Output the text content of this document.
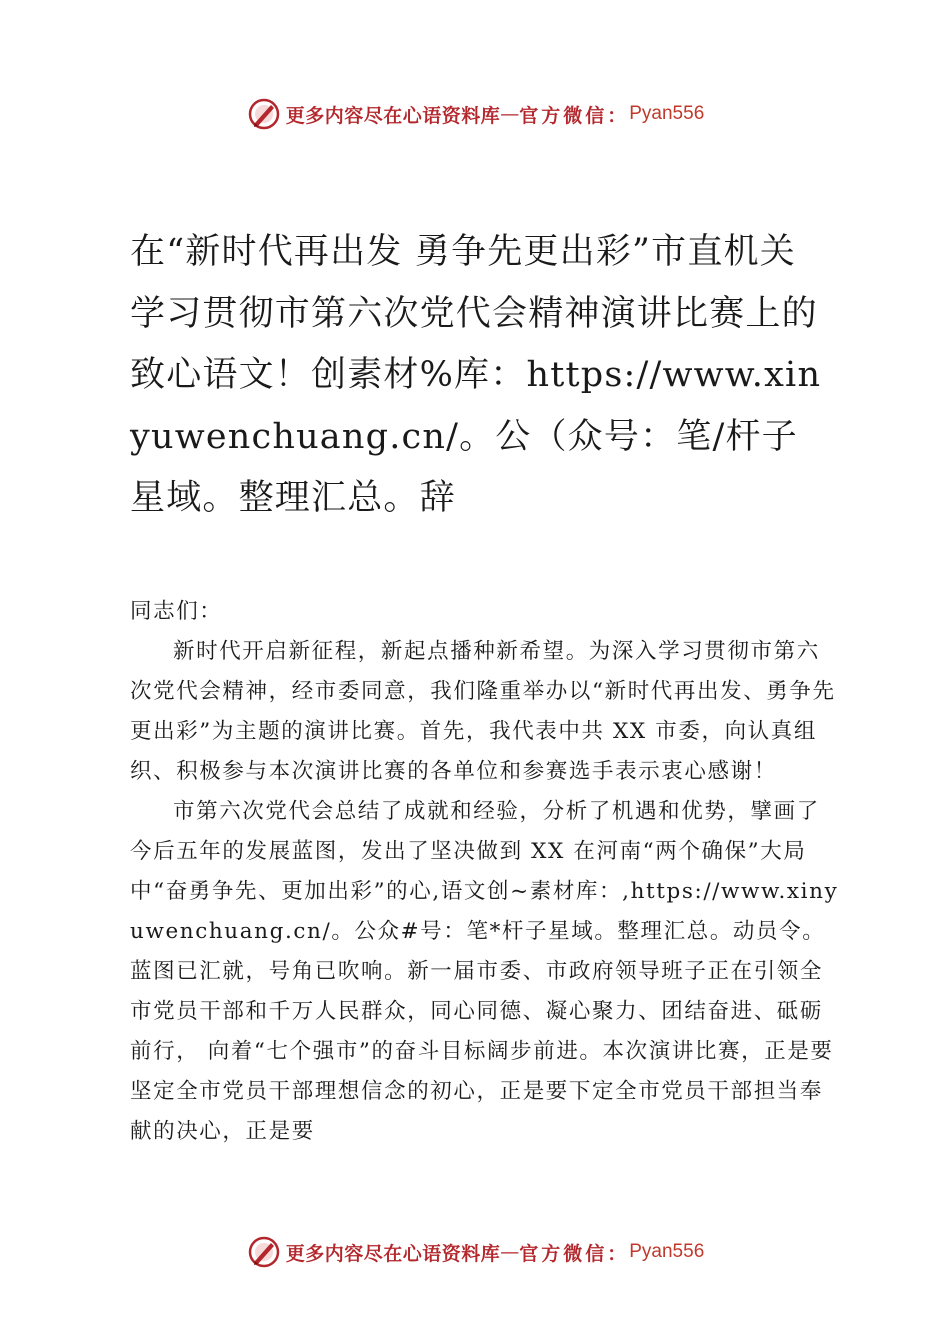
更多内容尽在心语资料库 — 官方微信： Pyan556
在“新时代再出发 勇争先更出彩”市直机关学习贯彻市第六次党代会精神演讲比赛上的致心语文！创素材%库：https://www.xinyuwenchuang.cn/。公（众号：笔/杆子星域。整理汇总。辞

同志们：

新时代开启新征程，新起点播种新希望。为深入学习贯彻市第六次党代会精神，经市委同意，我们隆重举办以“新时代再出发、勇争先更出彩”为主题的演讲比赛。首先，我代表中共 XX 市委，向认真组织、积极参与本次演讲比赛的各单位和参赛选手表示衷心感谢！

市第六次党代会总结了成就和经验，分析了机遇和优势，擘画了今后五年的发展蓝图，发出了坚决做到 XX 在河南“两个确保”大局中“奋勇争先、更加出彩”的心,语文创~素材库：,https://www.xinyuwenchuang.cn/。公众#号：笔*杆子星域。整理汇总。动员令。蓝图已汇就，号角已吹响。新一届市委、市政府领导班子正在引领全市党员干部和千万人民群众，同心同德、凝心聚力、团结奋进、砥砺前行， 向着“七个强市”的奋斗目标阔步前进。本次演讲比赛，正是要坚定全市党员干部理想信念的初心，正是要下定全市党员干部担当奉献的决心，正是要

更多内容尽在心语资料库 — 官方微信： Pyan556
